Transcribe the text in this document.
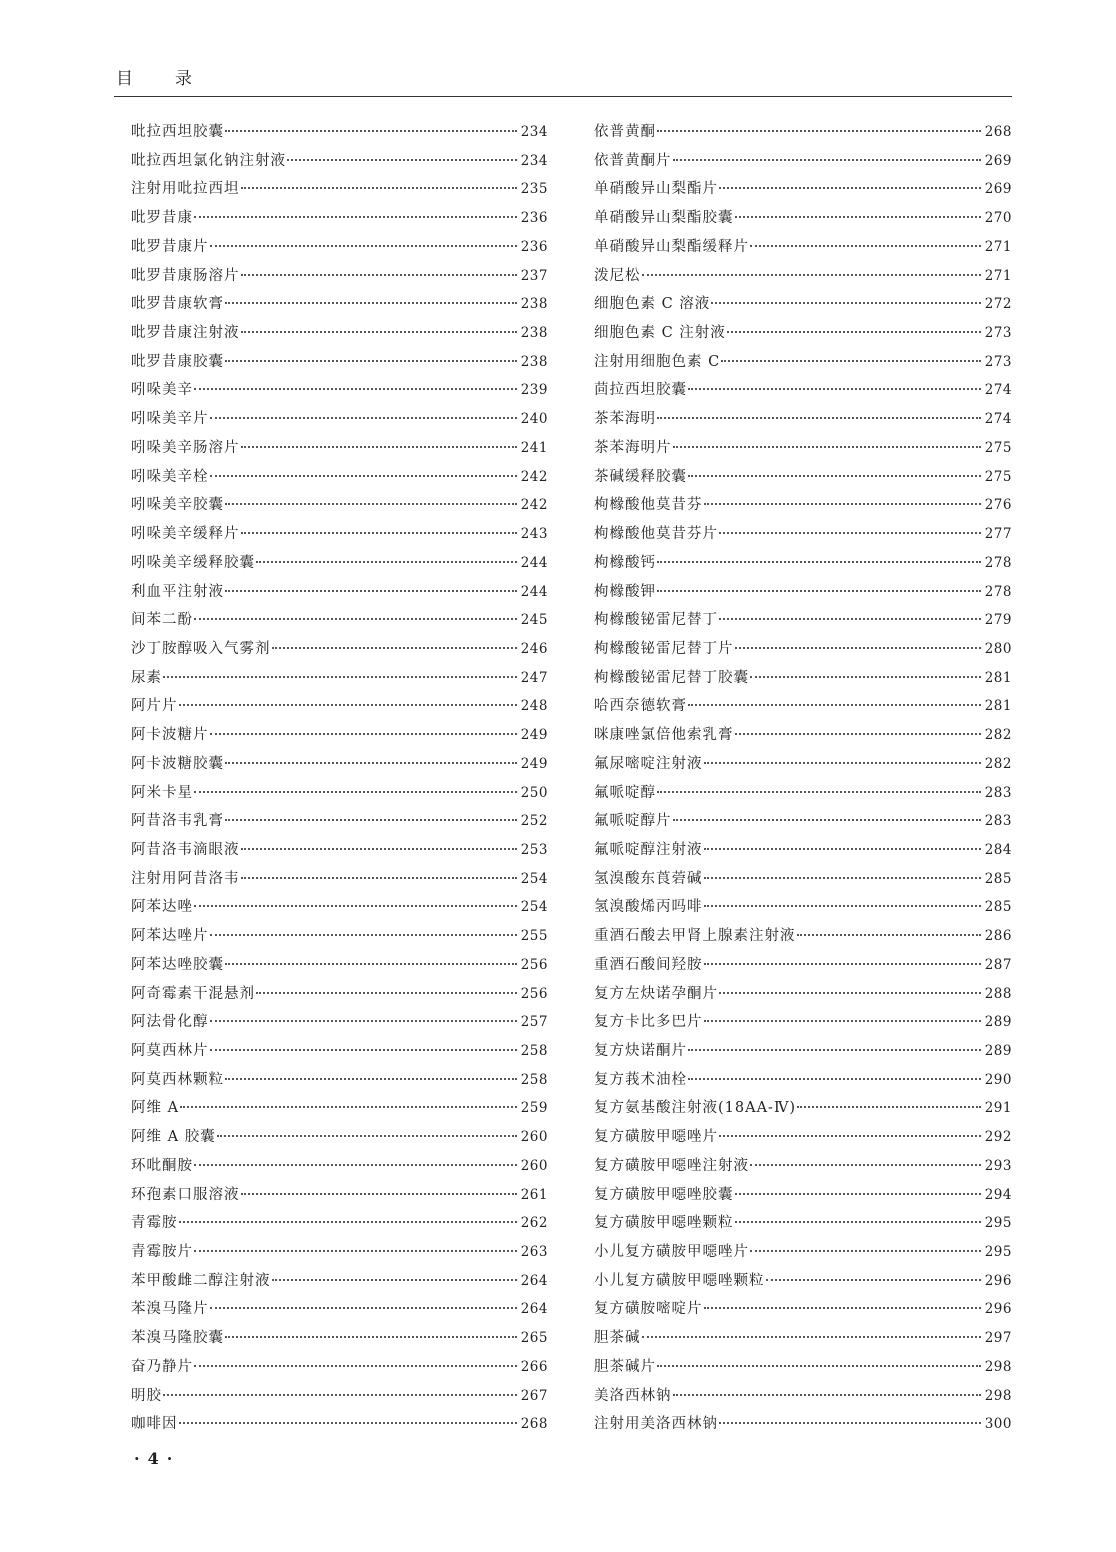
目录
吡拉西坦胶囊	234
吡拉西坦氯化钠注射液	234
注射用吡拉西坦	235
吡罗昔康	236
吡罗昔康片	236
吡罗昔康肠溶片	237
吡罗昔康软膏	238
吡罗昔康注射液	238
吡罗昔康胶囊	238
吲哚美辛	239
吲哚美辛片	240
吲哚美辛肠溶片	241
吲哚美辛栓	242
吲哚美辛胶囊	242
吲哚美辛缓释片	243
吲哚美辛缓释胶囊	244
利血平注射液	244
间苯二酚	245
沙丁胺醇吸入气雾剂	246
尿素	247
阿片片	248
阿卡波糖片	249
阿卡波糖胶囊	249
阿米卡星	250
阿昔洛韦乳膏	252
阿昔洛韦滴眼液	253
注射用阿昔洛韦	254
阿苯达唑	254
阿苯达唑片	255
阿苯达唑胶囊	256
阿奇霉素干混悬剂	256
阿法骨化醇	257
阿莫西林片	258
阿莫西林颗粒	258
阿维 A	259
阿维 A 胶囊	260
环吡酮胺	260
环孢素口服溶液	261
青霉胺	262
青霉胺片	263
苯甲酸雌二醇注射液	264
苯溴马隆片	264
苯溴马隆胶囊	265
奋乃静片	266
明胶	267
咖啡因	268
依普黄酮	268
依普黄酮片	269
单硝酸异山梨酯片	269
单硝酸异山梨酯胶囊	270
单硝酸异山梨酯缓释片	271
泼尼松	271
细胞色素 C 溶液	272
细胞色素 C 注射液	273
注射用细胞色素 C	273
茴拉西坦胶囊	274
茶苯海明	274
茶苯海明片	275
茶碱缓释胶囊	275
枸橼酸他莫昔芬	276
枸橼酸他莫昔芬片	277
枸橼酸钙	278
枸橼酸钾	278
枸橼酸铋雷尼替丁	279
枸橼酸铋雷尼替丁片	280
枸橼酸铋雷尼替丁胶囊	281
哈西奈德软膏	281
咪康唑氯倍他索乳膏	282
氟尿嘧啶注射液	282
氟哌啶醇	283
氟哌啶醇片	283
氟哌啶醇注射液	284
氢溴酸东莨菪碱	285
氢溴酸烯丙吗啡	285
重酒石酸去甲肾上腺素注射液	286
重酒石酸间羟胺	287
复方左炔诺孕酮片	288
复方卡比多巴片	289
复方炔诺酮片	289
复方莪术油栓	290
复方氨基酸注射液(18AA-Ⅳ)	291
复方磺胺甲噁唑片	292
复方磺胺甲噁唑注射液	293
复方磺胺甲噁唑胶囊	294
复方磺胺甲噁唑颗粒	295
小儿复方磺胺甲噁唑片	295
小儿复方磺胺甲噁唑颗粒	296
复方磺胺嘧啶片	296
胆茶碱	297
胆茶碱片	298
美洛西林钠	298
注射用美洛西林钠	300
· 4 ·
